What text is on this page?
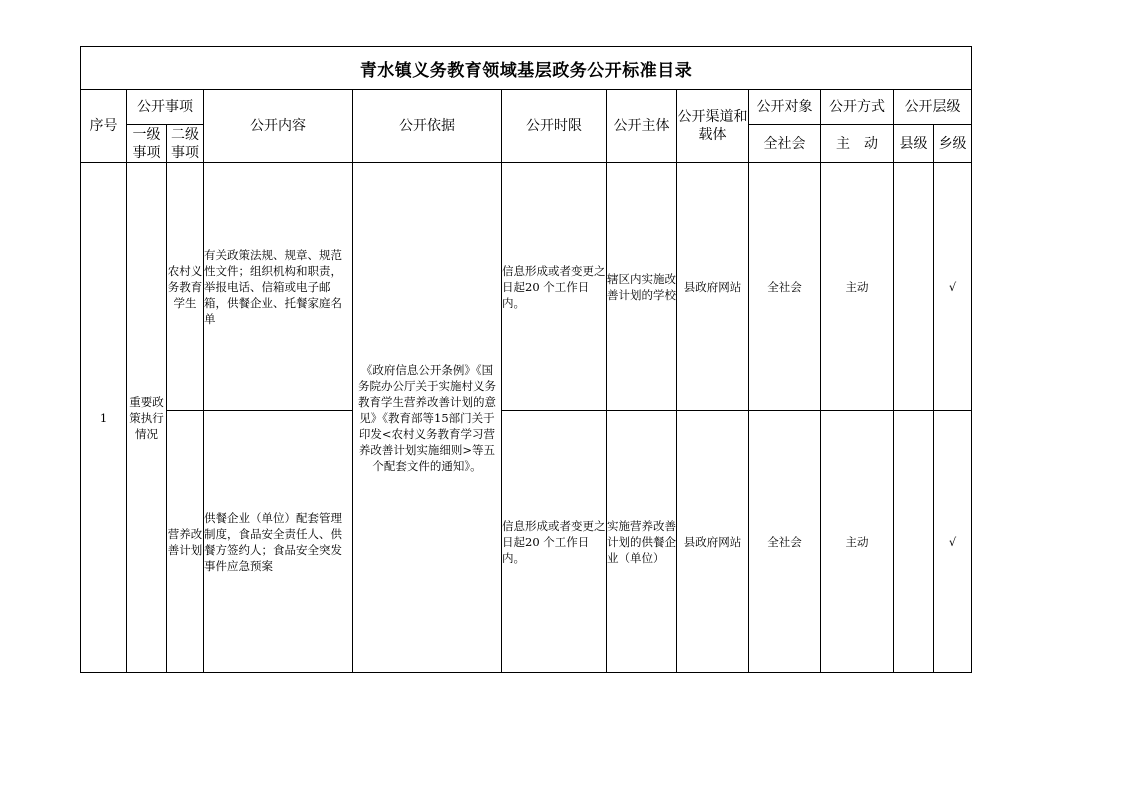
青水镇义务教育领域基层政务公开标准目录											
序号	公开事项		公开内容	公开依据	公开时限	公开主体	公开渠道和载体	公开对象	公开方式	公开层级	
	一级事项	二级事项						全社会	主　动	县级	乡级
1	重要政策执行情况	农村义务教育学生	有关政策法规、规章、规范性文件；组织机构和职责，举报电话、信箱或电子邮箱，供餐企业、托餐家庭名单	《政府信息公开条例》《国务院办公厅关于实施村义务教育学生营养改善计划的意见》《教育部等15部门关于印发<农村义务教育学习营养改善计划实施细则>等五个配套文件的通知》。	信息形成或者变更之日起20 个工作日内。	辖区内实施改善计划的学校	县政府网站	全社会	主动		√
		营养改善计划	供餐企业（单位）配套管理制度，食品安全责任人、供餐方签约人；食品安全突发事件应急预案		信息形成或者变更之日起20 个工作日内。	实施营养改善计划的供餐企业（单位）	县政府网站	全社会	主动		√
